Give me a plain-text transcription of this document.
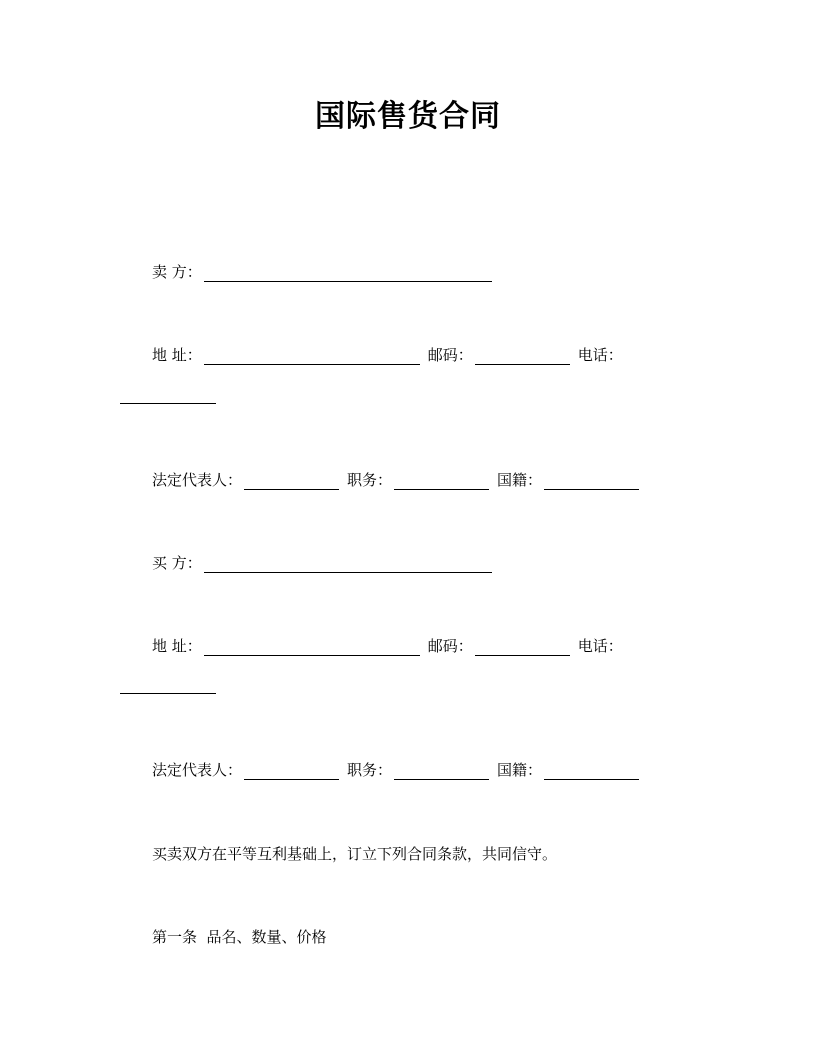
国际售货合同
卖 方：
地 址：	邮码：	电话：
法定代表人：	职务：	国籍：
买 方：
地 址：	邮码：	电话：
法定代表人：	职务：	国籍：
买卖双方在平等互利基础上，订立下列合同条款，共同信守。
第一条  品名、数量、价格
